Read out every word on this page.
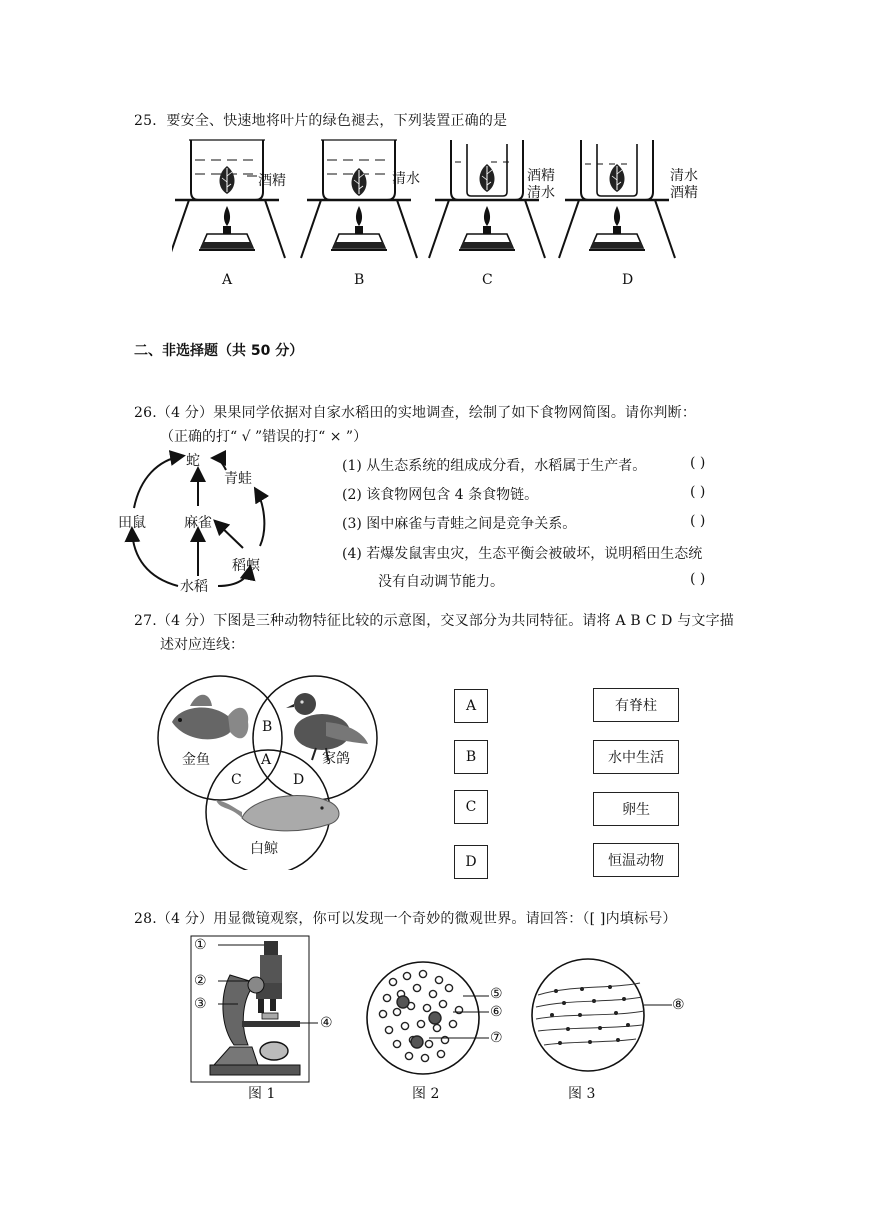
25．要安全、快速地将叶片的绿色褪去，下列装置正确的是
酒精	清水	酒精
清水
清水
酒精
A	B	C	D
二、非选择题（共 50 分）
26.（4 分）果果同学依据对自家水稻田的实地调查，绘制了如下食物网简图。请你判断：
（正确的打“ √ ”错误的打“ × ”）
蛇
青蛙
田鼠	麻雀
稻螟
水稻
(1) 从生态系统的组成成分看，水稻属于生产者。	( )
(2) 该食物网包含 4 条食物链。	( )
(3) 图中麻雀与青蛙之间是竞争关系。	( )
(4) 若爆发鼠害虫灾，生态平衡会被破坏，说明稻田生态统
没有自动调节能力。	( )
27.（4 分）下图是三种动物特征比较的示意图，交叉部分为共同特征。请将 A B C D 与文字描
述对应连线：
B
A
C	D
金鱼	家鸽
白鲸
A
B
C
D
有脊柱
水中生活
卵生
恒温动物
28.（4 分）用显微镜观察，你可以发现一个奇妙的微观世界。请回答：（[ ]内填标号）
①
②
③
④
图 1
⑤
⑥
⑦
图 2
⑧
图 3
